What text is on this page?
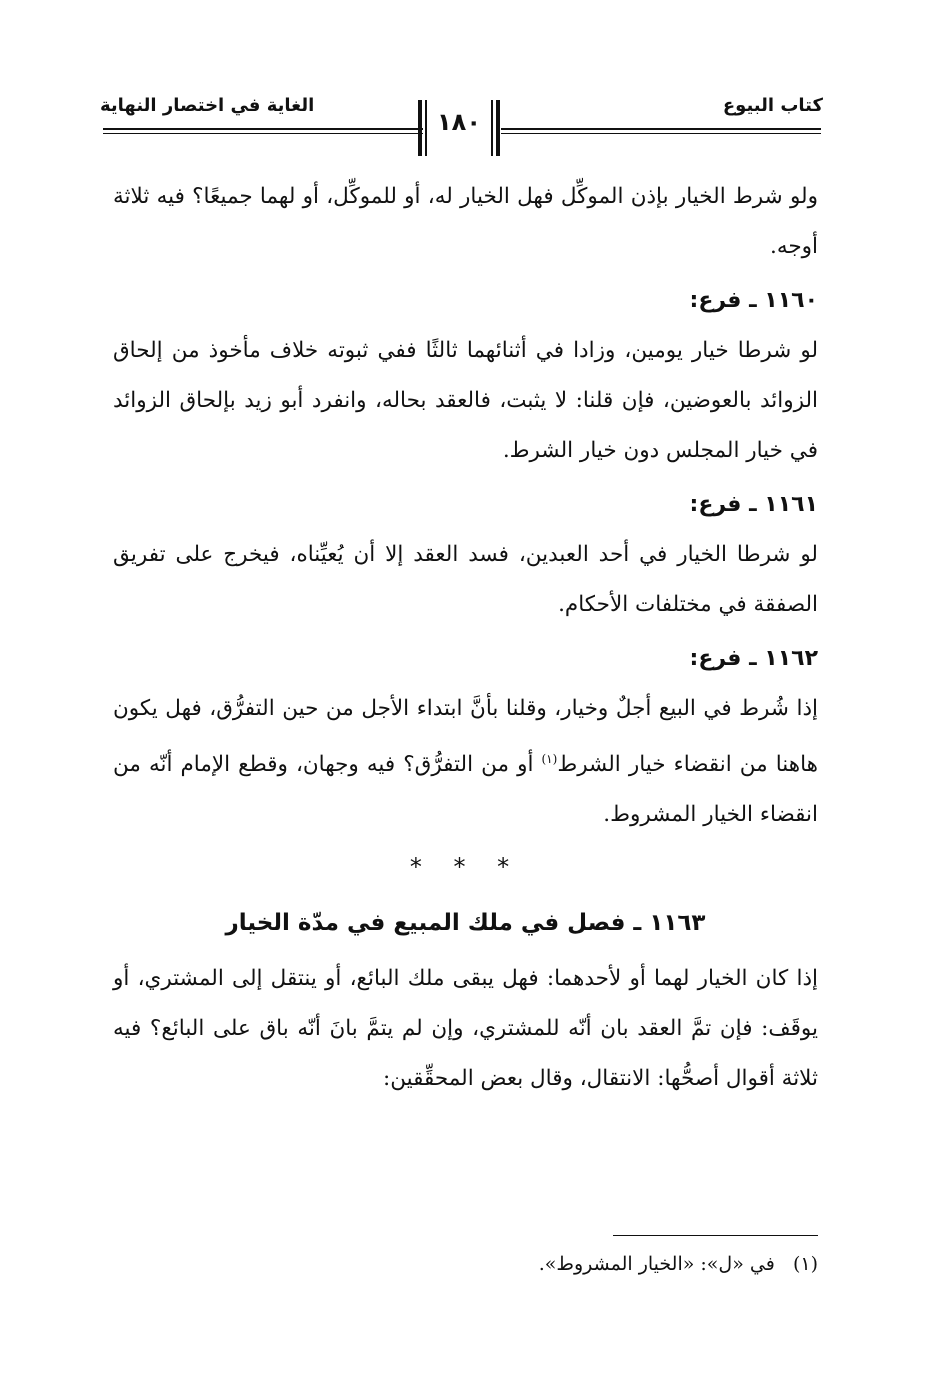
كتاب البيوع
الغاية في اختصار النهاية
١٨٠

ولو شرط الخيار بإذن الموكِّل فهل الخيار له، أو للموكِّل، أو لهما جميعًا؟ فيه ثلاثة أوجه.

١١٦٠ ـ فرع:

لو شرطا خيار يومين، وزادا في أثنائهما ثالثًا ففي ثبوته خلاف مأخوذ من إلحاق الزوائد بالعوضين، فإن قلنا: لا يثبت، فالعقد بحاله، وانفرد أبو زيد بإلحاق الزوائد في خيار المجلس دون خيار الشرط.

١١٦١ ـ فرع:

لو شرطا الخيار في أحد العبدين، فسد العقد إلا أن يُعيِّناه، فيخرج على تفريق الصفقة في مختلفات الأحكام.

١١٦٢ ـ فرع:

إذا شُرط في البيع أجلٌ وخيار، وقلنا بأنَّ ابتداء الأجل من حين التفرُّق، فهل يكون هاهنا من انقضاء خيار الشرط$^{(١)}$ أو من التفرُّق؟ فيه وجهان، وقطع الإمام أنّه من انقضاء الخيار المشروط.

* * *
١١٦٣ ـ فصل في ملك المبيع في مدّة الخيار

إذا كان الخيار لهما أو لأحدهما: فهل يبقى ملك البائع، أو ينتقل إلى المشتري، أو يوقَف: فإن تمَّ العقد بان أنّه للمشتري، وإن لم يتمَّ بانَ أنّه باق على البائع؟ فيه ثلاثة أقوال أصحُّها: الانتقال، وقال بعض المحقِّقين:

(١)   في «ل»: «الخيار المشروط».
